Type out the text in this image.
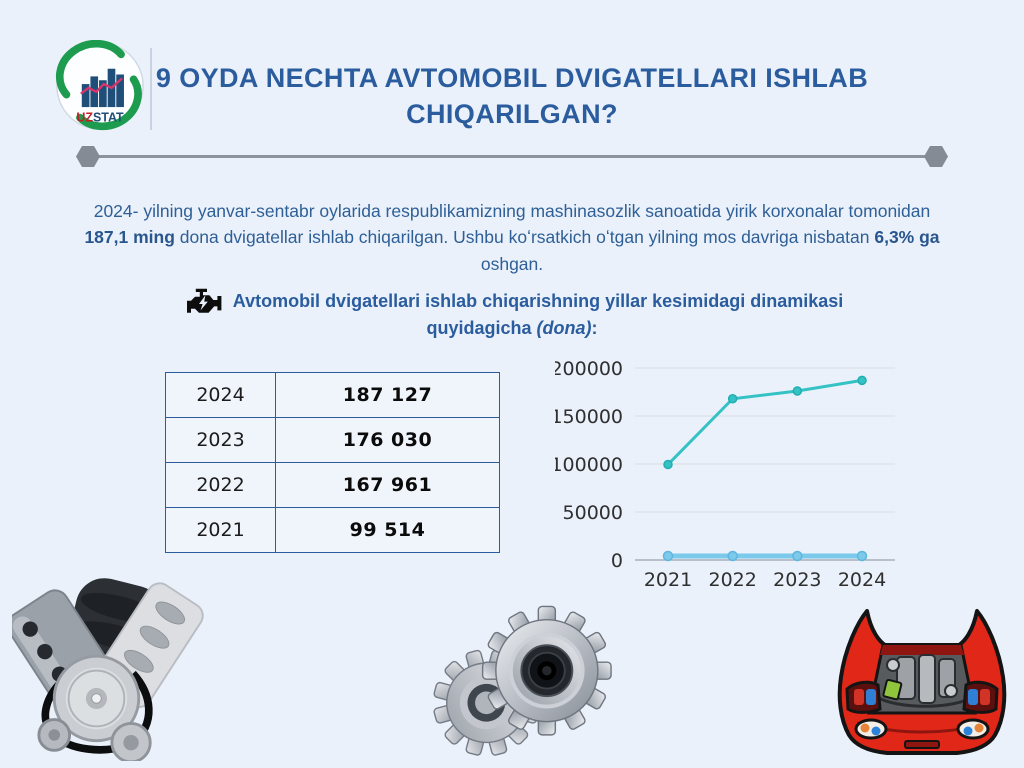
UZSTAT
9 OYDA NECHTA AVTOMOBIL DVIGATELLARI ISHLAB CHIQARILGAN?

2024- yilning yanvar-sentabr oylarida respublikamizning mashinasozlik sanoatida yirik korxonalar tomonidan 187,1 ming dona dvigatellar ishlab chiqarilgan. Ushbu koʻrsatkich oʻtgan yilning mos davriga nisbatan 6,3% ga oshgan.

Avtomobil dvigatellari ishlab chiqarishning yillar kesimidagi dinamikasi quyidagicha (dona):
2024	187 127
2023	176 030
2022	167 961
2021	99 514
0
50000
100000
150000
200000
2021 2022 2023 2024
